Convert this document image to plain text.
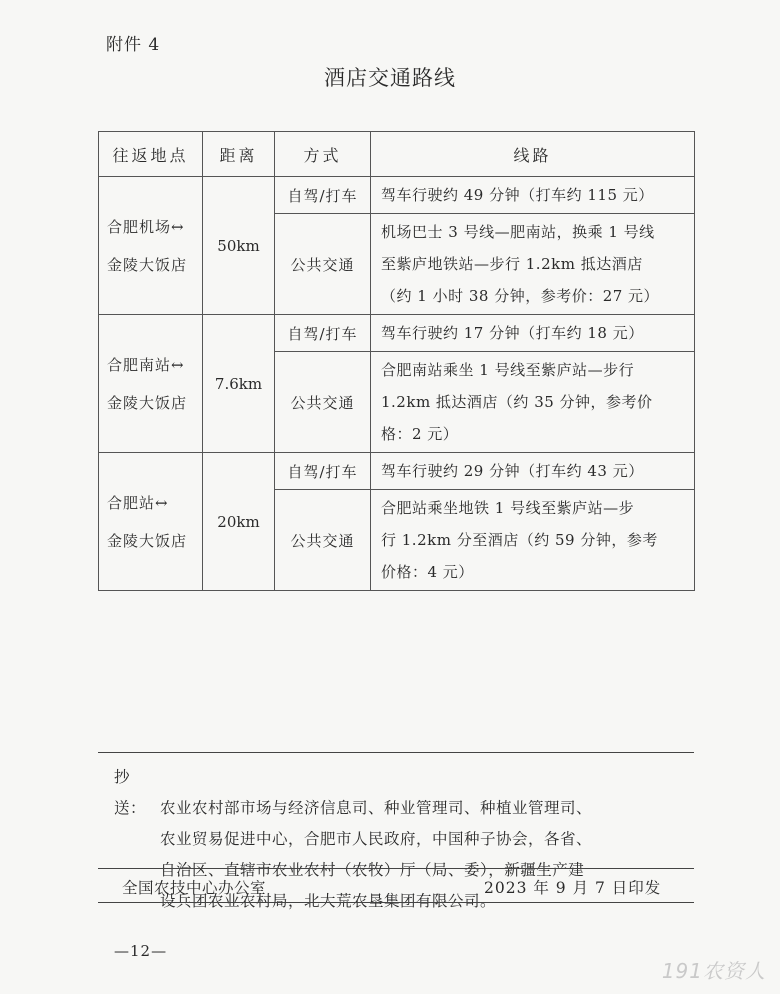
附件 4
酒店交通路线
往返地点	距离	方式	线路

合肥机场↔
金陵大饭店	50km	自驾/打车	驾车行驶约 49 分钟（打车约 115 元）

		公共交通	机场巴士 3 号线—肥南站，换乘 1 号线
至紫庐地铁站—步行 1.2km 抵达酒店
（约 1 小时 38 分钟，参考价：27 元）

合肥南站↔
金陵大饭店	7.6km	自驾/打车	驾车行驶约 17 分钟（打车约 18 元）

		公共交通	合肥南站乘坐 1 号线至紫庐站—步行
1.2km 抵达酒店（约 35 分钟，参考价
格：2 元）

合肥站↔
金陵大饭店	20km	自驾/打车	驾车行驶约 29 分钟（打车约 43 元）

		公共交通	合肥站乘坐地铁 1 号线至紫庐站—步
行 1.2km 分至酒店（约 59 分钟，参考
价格：4 元）
抄送： 农业农村部市场与经济信息司、种业管理司、种植业管理司、
农业贸易促进中心，合肥市人民政府，中国种子协会，各省、
自治区、直辖市农业农村（农牧）厅（局、委），新疆生产建
设兵团农业农村局，北大荒农垦集团有限公司。
全国农技中心办公室	2023 年 9 月 7 日印发
—12—
191农资人
